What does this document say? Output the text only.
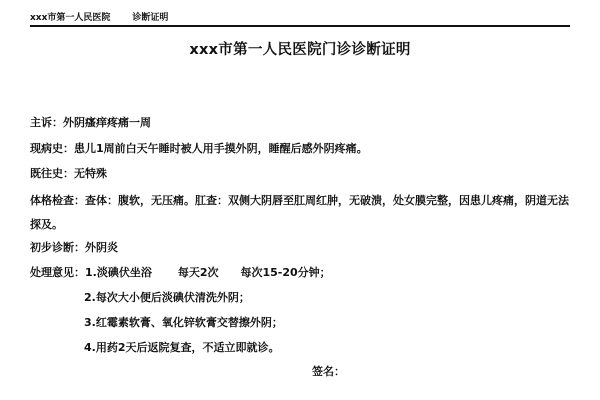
xxx市第一人民医院 诊断证明
xxx市第一人民医院门诊诊断证明
主诉：外阴瘙痒疼痛一周
现病史：患儿1周前白天午睡时被人用手摸外阴，睡醒后感外阴疼痛。
既往史：无特殊
体格检查：查体：腹软，无压痛。肛查：双侧大阴唇至肛周红肿，无破溃，处女膜完整，因患儿疼痛，阴道无法探及。
初步诊断：外阴炎
处理意见：1.淡碘伏坐浴 每天2次 每次15-20分钟；
2.每次大小便后淡碘伏清洗外阴；
3.红霉素软膏、氧化锌软膏交替擦外阴；
4.用药2天后返院复查，不适立即就诊。
签名：
